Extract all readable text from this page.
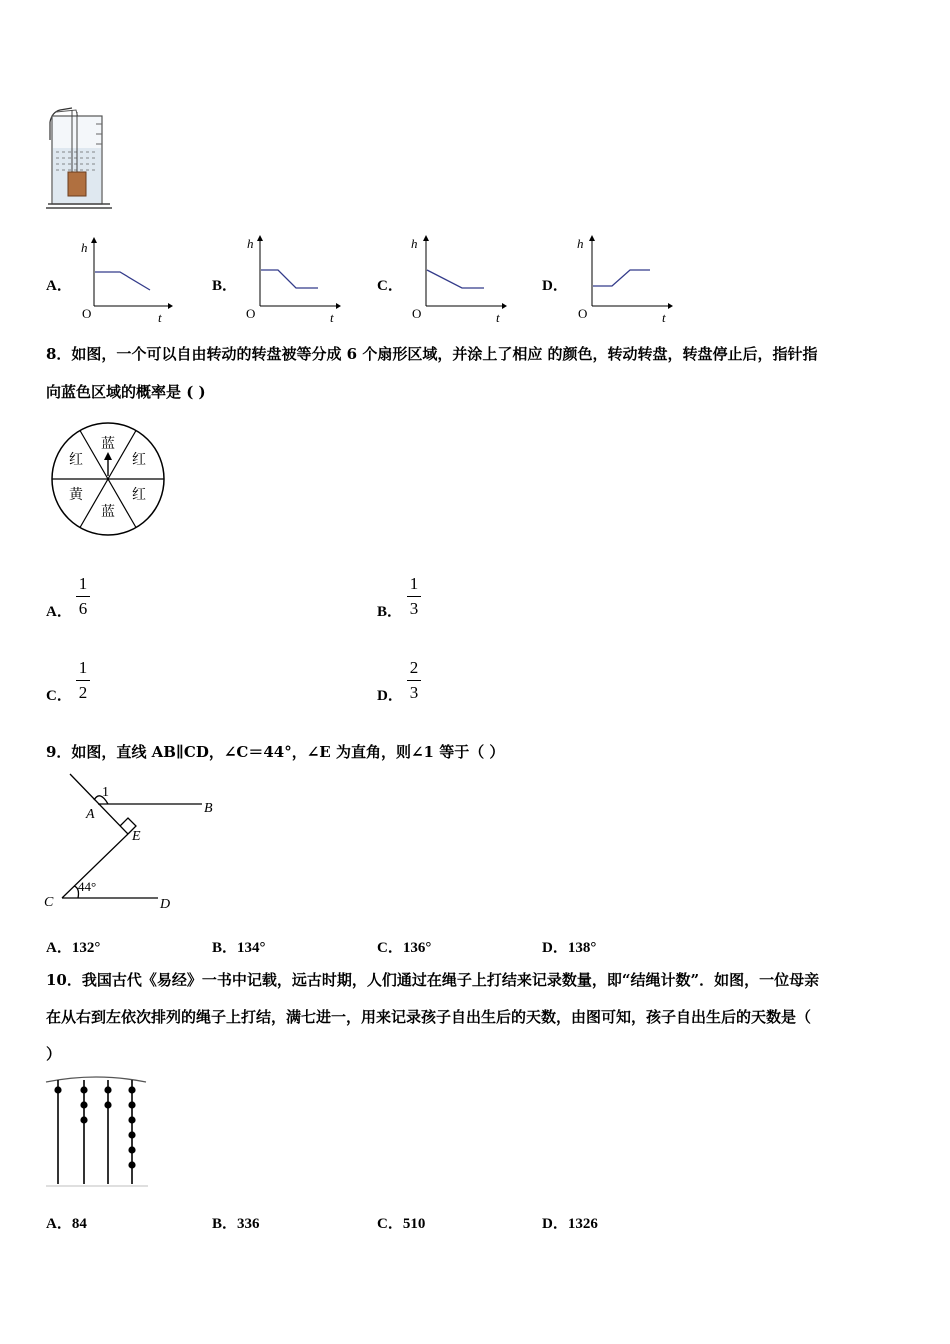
A．	B．	C．	D．
h
O	t
h
O	t
h
O	t
h
O	t
8．如图，一个可以自由转动的转盘被等分成 6 个扇形区域，并涂上了相应 的颜色，转动转盘，转盘停止后，指针指
向蓝色区域的概率是 ( )
蓝
红
红
蓝
黄
红
A．
1
6	B．
1
3
C．
1
2	D．
2
3
9．如图，直线 AB∥CD，∠C＝44°，∠E 为直角，则∠1 等于（ ）
1
A	B
E
44°
C	D
A．132°	B．134°	C．136°	D．138°
10．我国古代《易经》一书中记载，远古时期，人们通过在绳子上打结来记录数量，即“结绳计数”．如图，一位母亲
在从右到左依次排列的绳子上打结，满七进一，用来记录孩子自出生后的天数，由图可知，孩子自出生后的天数是（
）
A．84	B．336	C．510	D．1326
